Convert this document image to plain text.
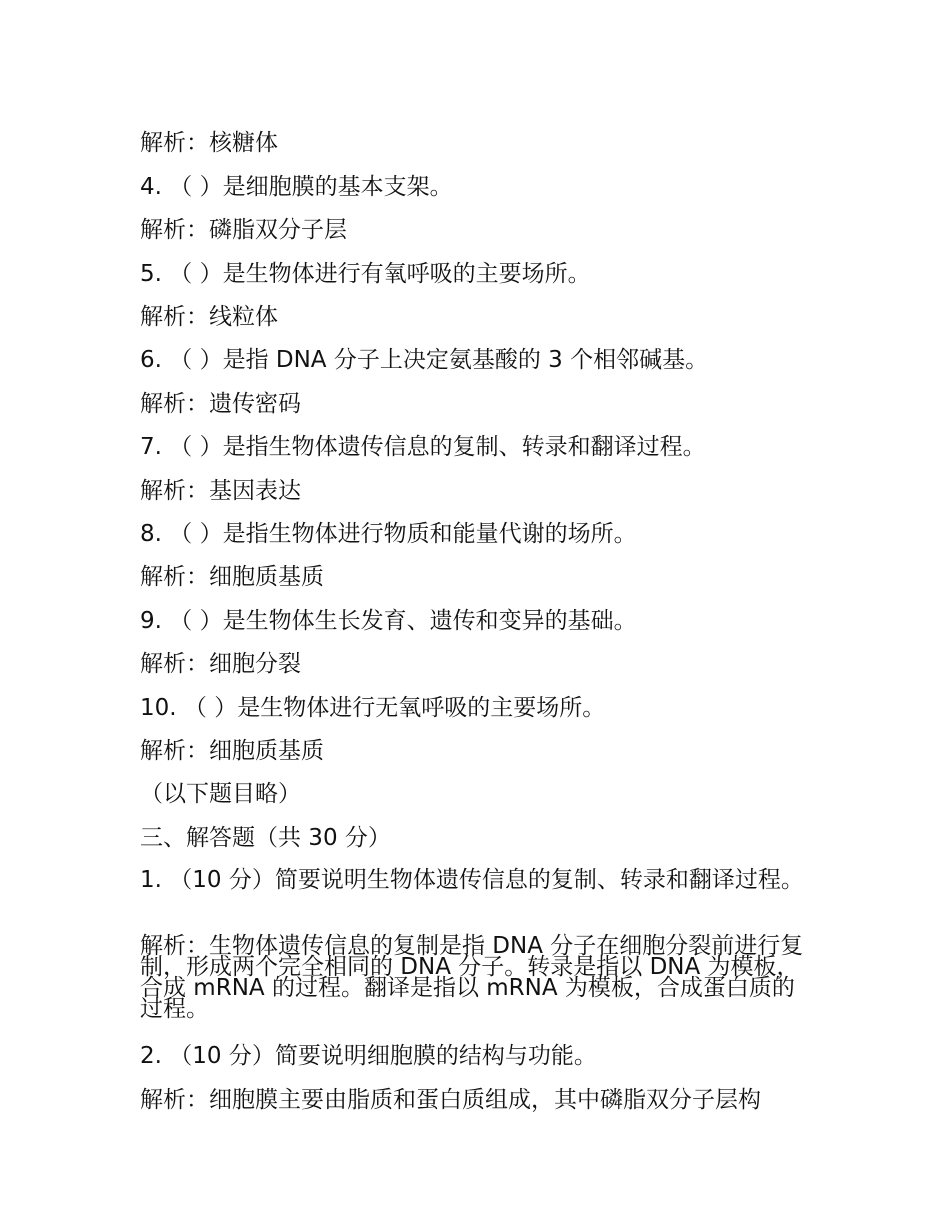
解析：核糖体
4. （ ）是细胞膜的基本支架。
解析：磷脂双分子层
5. （ ）是生物体进行有氧呼吸的主要场所。
解析：线粒体
6. （ ）是指 DNA 分子上决定氨基酸的 3 个相邻碱基。
解析：遗传密码
7. （ ）是指生物体遗传信息的复制、转录和翻译过程。
解析：基因表达
8. （ ）是指生物体进行物质和能量代谢的场所。
解析：细胞质基质
9. （ ）是生物体生长发育、遗传和变异的基础。
解析：细胞分裂
10. （ ）是生物体进行无氧呼吸的主要场所。
解析：细胞质基质
（以下题目略）
三、解答题（共 30 分）
1. （10 分）简要说明生物体遗传信息的复制、转录和翻译过程。
解析：生物体遗传信息的复制是指 DNA 分子在细胞分裂前进行复制，形成两个完全相同的 DNA 分子。转录是指以 DNA 为模板，合成 mRNA 的过程。翻译是指以 mRNA 为模板，合成蛋白质的过程。
2. （10 分）简要说明细胞膜的结构与功能。
解析：细胞膜主要由脂质和蛋白质组成，其中磷脂双分子层构
